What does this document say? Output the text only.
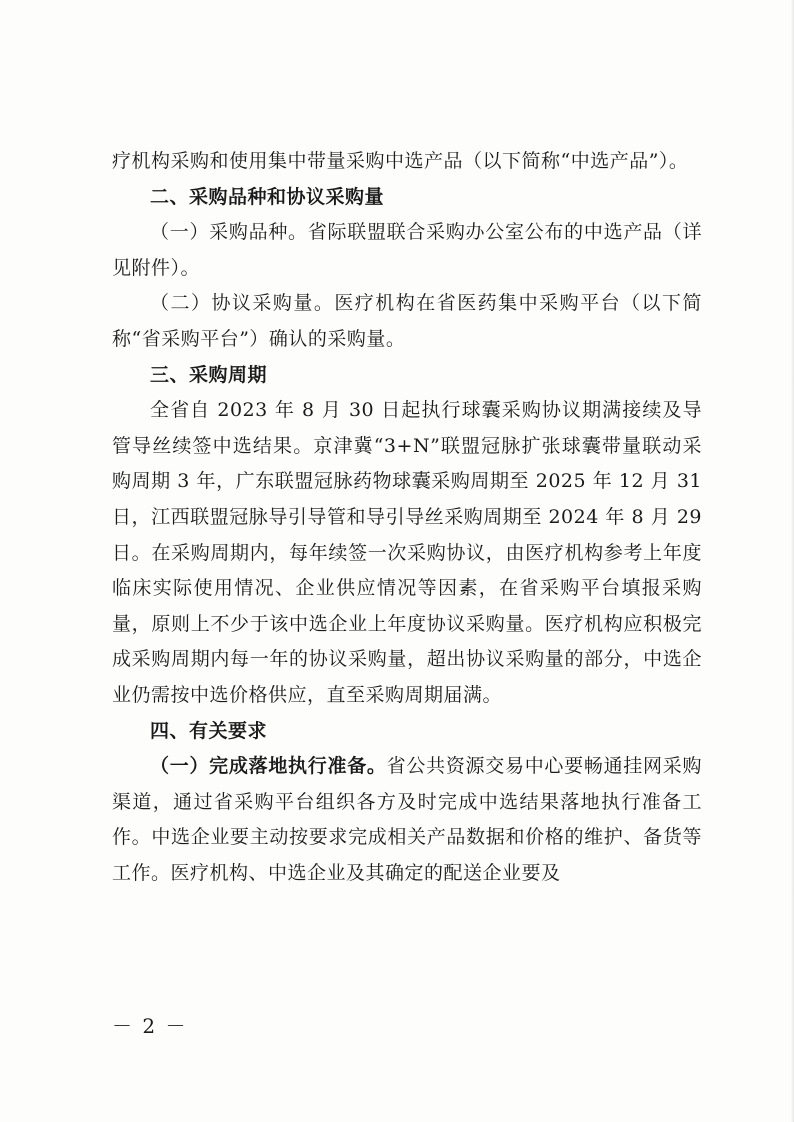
疗机构采购和使用集中带量采购中选产品（以下简称“中选产品”）。

二、采购品种和协议采购量

（一）采购品种。省际联盟联合采购办公室公布的中选产品（详见附件）。

（二）协议采购量。医疗机构在省医药集中采购平台（以下简称“省采购平台”）确认的采购量。

三、采购周期

全省自 2023 年 8 月 30 日起执行球囊采购协议期满接续及导管导丝续签中选结果。京津冀“3+N”联盟冠脉扩张球囊带量联动采购周期 3 年，广东联盟冠脉药物球囊采购周期至 2025 年 12 月 31 日，江西联盟冠脉导引导管和导引导丝采购周期至 2024 年 8 月 29 日。在采购周期内，每年续签一次采购协议，由医疗机构参考上年度临床实际使用情况、企业供应情况等因素，在省采购平台填报采购量，原则上不少于该中选企业上年度协议采购量。医疗机构应积极完成采购周期内每一年的协议采购量，超出协议采购量的部分，中选企业仍需按中选价格供应，直至采购周期届满。

四、有关要求

（一）完成落地执行准备。省公共资源交易中心要畅通挂网采购渠道，通过省采购平台组织各方及时完成中选结果落地执行准备工作。中选企业要主动按要求完成相关产品数据和价格的维护、备货等工作。医疗机构、中选企业及其确定的配送企业要及

－ 2 －
